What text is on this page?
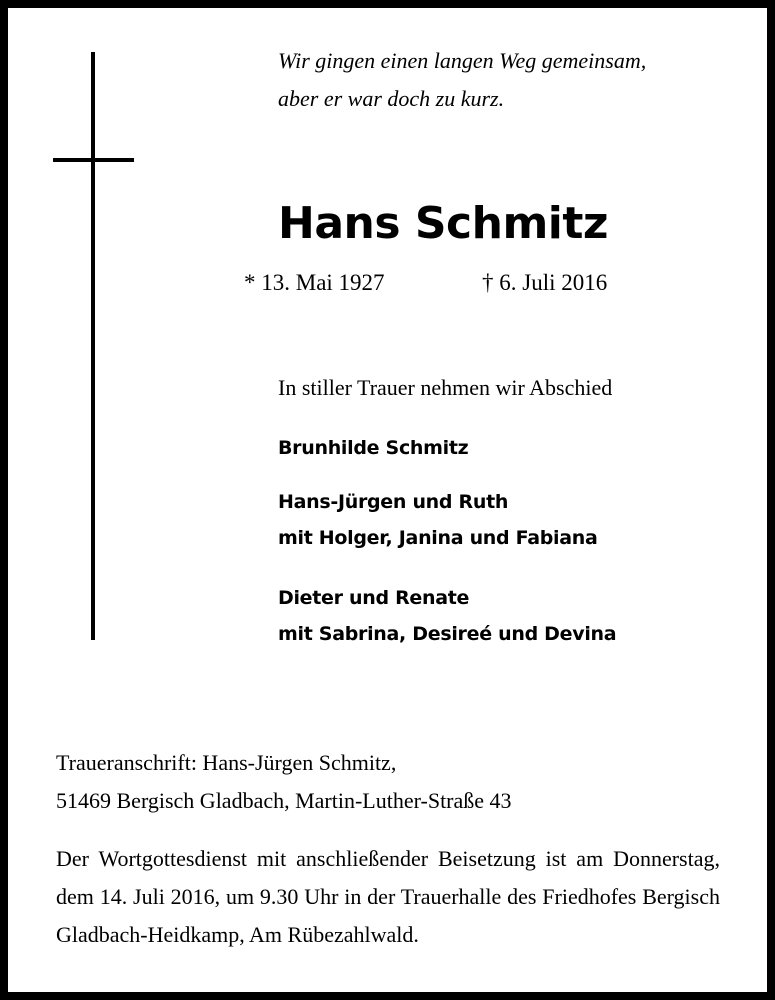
Wir gingen einen langen Weg gemeinsam,
aber er war doch zu kurz.
Hans Schmitz
* 13. Mai 1927	† 6. Juli 2016
In stiller Trauer nehmen wir Abschied
Brunhilde Schmitz
Hans-Jürgen und Ruth
mit Holger, Janina und Fabiana
Dieter und Renate
mit Sabrina, Desireé und Devina
Traueranschrift: Hans-Jürgen Schmitz,
51469 Bergisch Gladbach, Martin-Luther-Straße 43
Der Wortgottesdienst mit anschließender Beisetzung ist am Donnerstag, dem 14. Juli 2016, um 9.30 Uhr in der Trauerhalle des Friedhofes Bergisch Gladbach-Heidkamp, Am Rübezahlwald.
